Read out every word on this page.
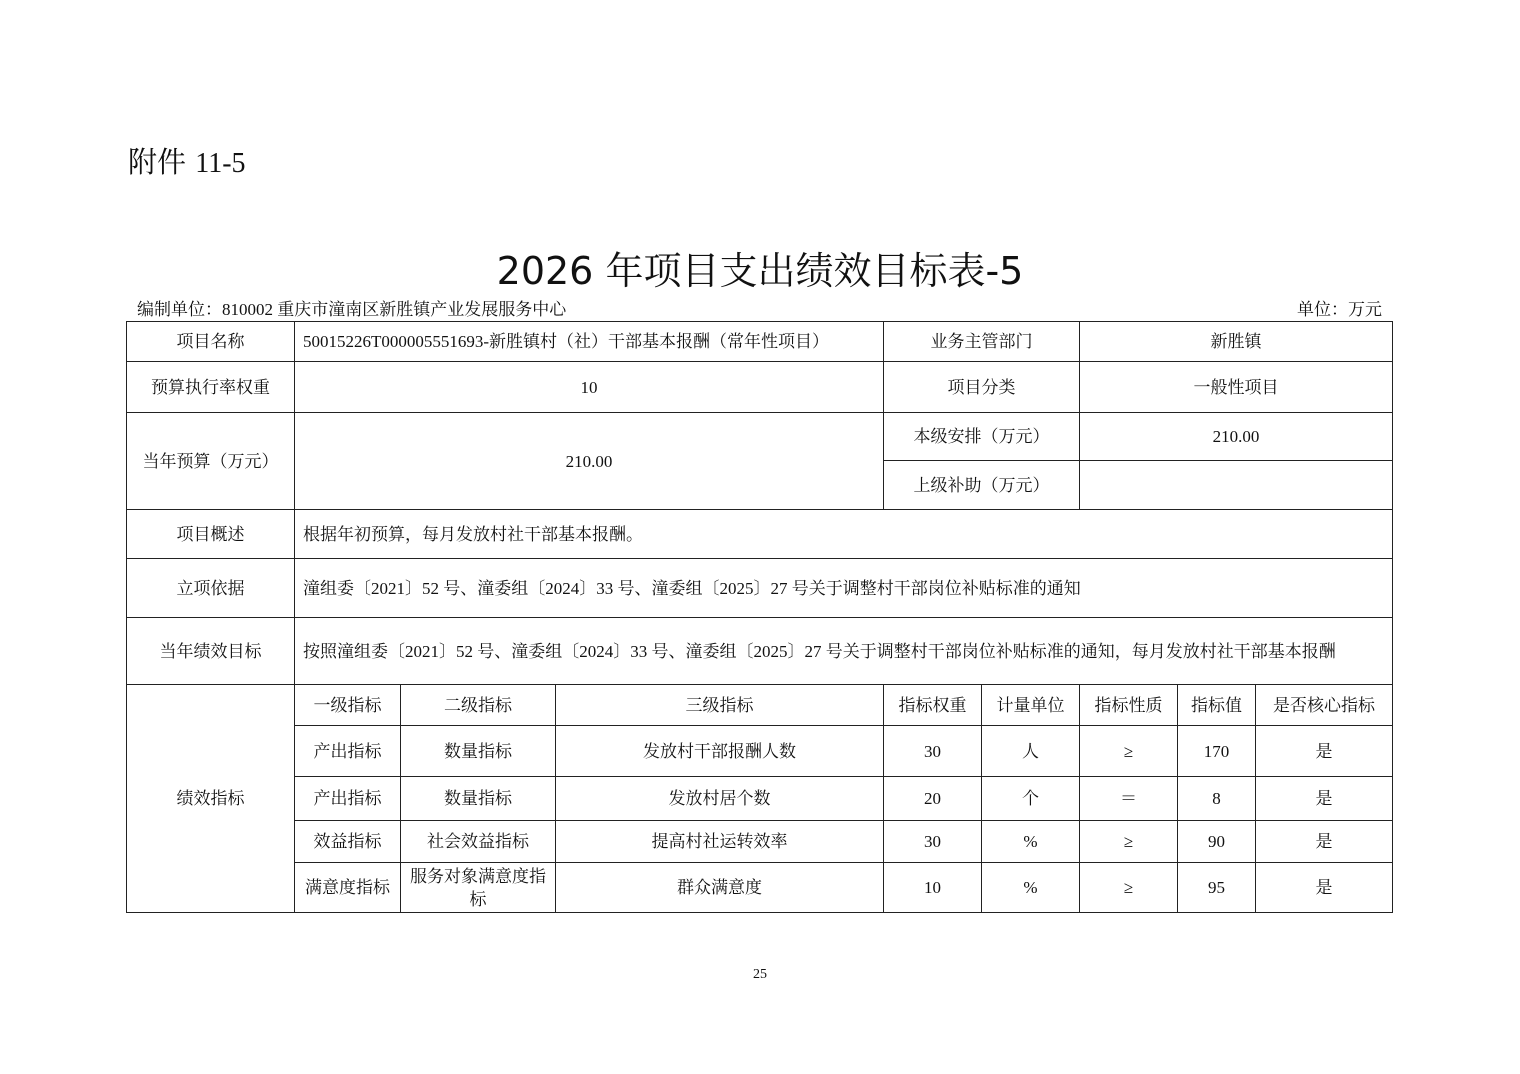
附件 11-5
2026 年项目支出绩效目标表-5
编制单位：810002 重庆市潼南区新胜镇产业发展服务中心	单位：万元
项目名称	50015226T000005551693-新胜镇村（社）干部基本报酬（常年性项目）			业务主管部门		新胜镇		
预算执行率权重	10			项目分类		一般性项目		
当年预算（万元）	210.00			本级安排（万元）		210.00		
				上级补助（万元）				
项目概述	根据年初预算，每月发放村社干部基本报酬。							
立项依据	潼组委〔2021〕52 号、潼委组〔2024〕33 号、潼委组〔2025〕27 号关于调整村干部岗位补贴标准的通知							
当年绩效目标	按照潼组委〔2021〕52 号、潼委组〔2024〕33 号、潼委组〔2025〕27 号关于调整村干部岗位补贴标准的通知，每月发放村社干部基本报酬							
绩效指标	一级指标	二级指标	三级指标	指标权重	计量单位	指标性质	指标值	是否核心指标
	产出指标	数量指标	发放村干部报酬人数	30	人	≥	170	是
	产出指标	数量指标	发放村居个数	20	个	＝	8	是
	效益指标	社会效益指标	提高村社运转效率	30	%	≥	90	是
	满意度指标	服务对象满意度指标	群众满意度	10	%	≥	95	是
25
